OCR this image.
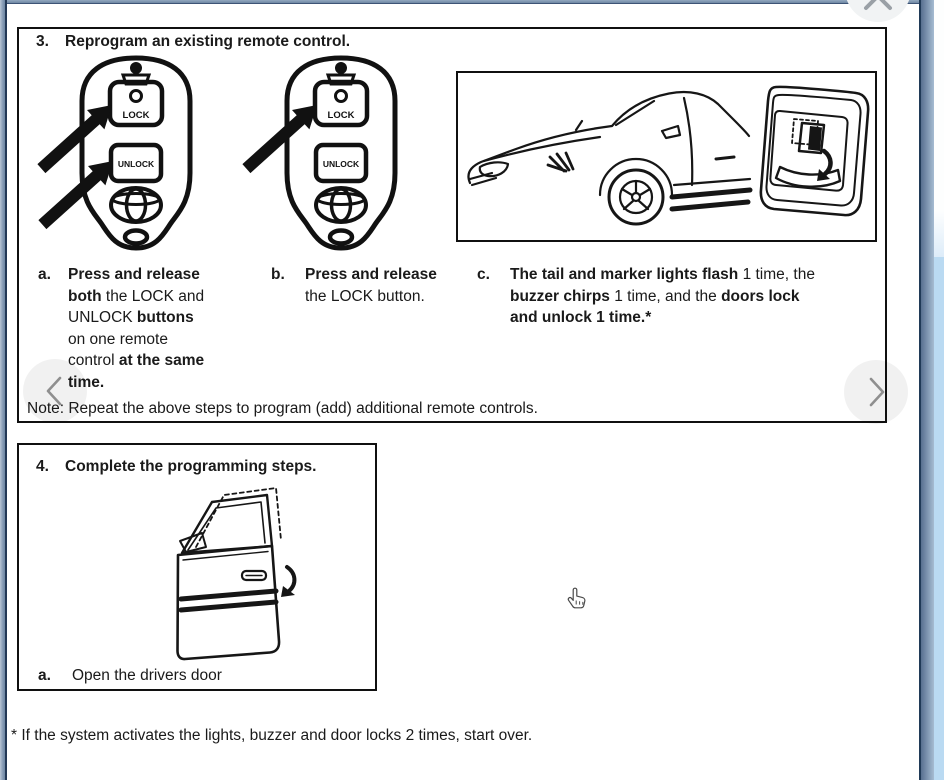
3.	Reprogram an existing remote control.
LOCK
UNLOCK
LOCK
UNLOCK
a. Press and release
both the LOCK and
UNLOCK buttons
on one remote
control at the same
time.
b. Press and release
the LOCK button.
c. The tail and marker lights flash 1 time, the
buzzer chirps 1 time, and the doors lock
and unlock 1 time.*
Note: Repeat the above steps to program (add) additional remote controls.
4.	Complete the programming steps.
a. Open the drivers door
* If the system activates the lights, buzzer and door locks 2 times, start over.
